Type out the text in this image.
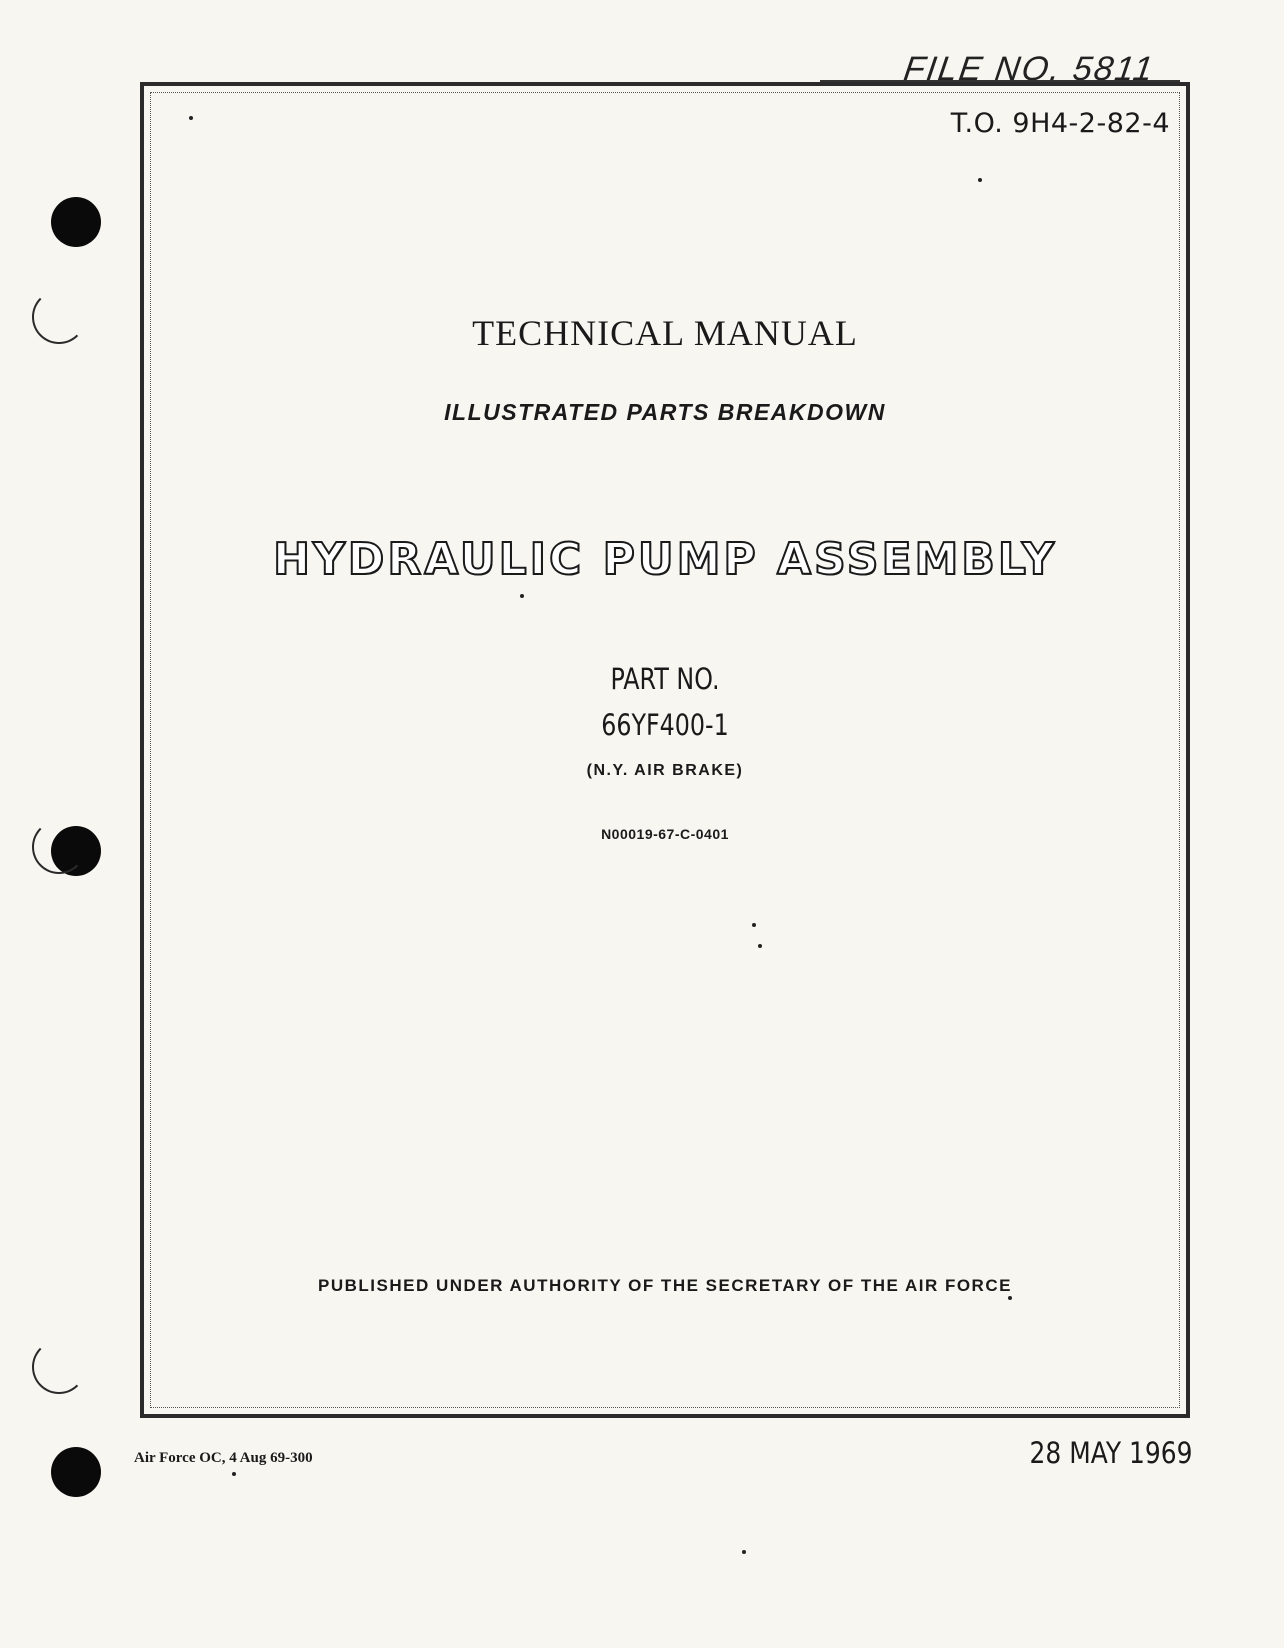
FILE NO. 5811
T.O. 9H4-2-82-4
TECHNICAL MANUAL
ILLUSTRATED PARTS BREAKDOWN
HYDRAULIC PUMP ASSEMBLY
PART NO.
66YF400-1
(N.Y. AIR BRAKE)
N00019-67-C-0401
PUBLISHED UNDER AUTHORITY OF THE SECRETARY OF THE AIR FORCE
Air Force OC, 4 Aug 69-300	28 MAY 1969
